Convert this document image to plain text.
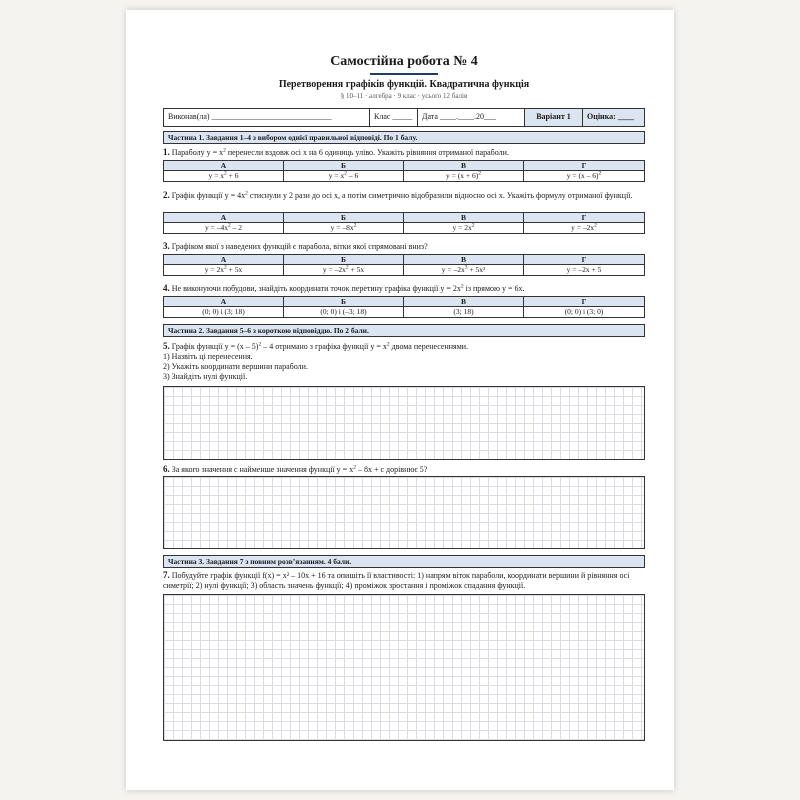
Самостійна робота № 4
Перетворення графіків функцій. Квадратична функція
§ 10–11 · алгебра · 9 клас · усього 12 балів
Виконав(ла) ______________________________	Клас _____	Дата ____.____.20___	Варіант 1	Оцінка: ____
Частина 1. Завдання 1–4 з вибором однієї правильної відповіді. По 1 балу.
1. Параболу $y = x^2$ перенесли вздовж осі x на 6 одиниць уліво. Укажіть рівняння отриманої параболи.
А	Б	В	Г
$y = x^2 + 6$	$y = x^2 - 6$	$y = (x + 6)^2$	y = (x – 6)$^2$
2. Графік функції $y = 4x^2$ стиснули у 2 рази до осі x, а потім симетрично відобразили відносно осі x. Укажіть формулу отриманої функції.
А	Б	В	Г
$y = -4x^2 - 2$	$y = -8x^2$	$y = 2x^2$	$y = -2x^2$
3. Графіком якої з наведених функцій є парабола, вітки якої спрямовані вниз?
А	Б	В	Г
$y = 2x^2 + 5x$	$y = -2x^2 + 5x$	$y = -2x^3 + 5x^2$	y = –2x + 5
4. Не виконуючи побудови, знайдіть координати точок перетину графіка функції $y = 2x^2$ із прямою y = 6x.
А	Б	В	Г
(0; 0) і (3; 18)	(0; 0) і (–3; 18)	(3; 18)	(0; 0) і (3; 0)
Частина 2. Завдання 5–6 з короткою відповіддю. По 2 бали.
5. Графік функції y = (x – 5)$^2$ – 4 отримано з графіка функції $y = x^2$ двома перенесеннями.
1) Назвіть ці перенесення.
2) Укажіть координати вершини параболи.
3) Знайдіть нулі функції.
6. За якого значення c найменше значення функції $y = x^2 - 8x + c$ дорівнює 5?
Частина 3. Завдання 7 з повним розв’язанням. 4 бали.
7. Побудуйте графік функції f(x) = x² – 10x + 16 та опишіть її властивості: 1) напрям віток параболи, координати вершини й рівняння осі симетрії; 2) нулі функції; 3) область значень функції; 4) проміжок зростання і проміжок спадання функції.
